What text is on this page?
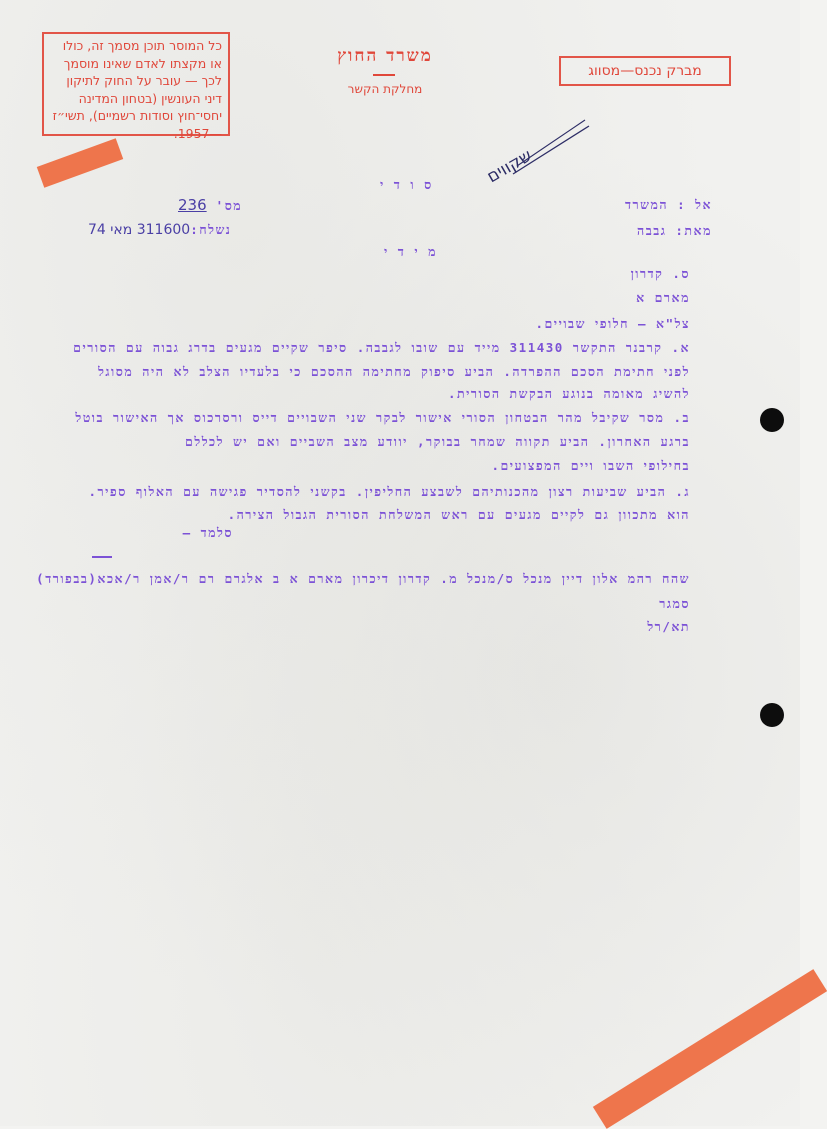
כל המוסר תוכן מסמך זה, כולו או מקצתו לאדם שאינו מוסמך לכך — עובר על החוק לתיקון דיני העונשין (בטחון המדינה יחסי־חוץ וסודות רשמיים), תשי״ז—1957.
משרד החוץ
מחלקת הקשר
מברק נכנס—מסווג
שקווים
ס ו ד י
אל : המשרד
מאת: גבבה
מס' 236
נשלח:311600 מאי 74
מ י ד י
ס. קדרון
מארם א
צל"א — חלופי שבויים.
א. קרבנר התקשר 311430 מייד עם שובו לגבבה. סיפר שקיים מגעים בדרג גבוה עם הסורים
לפני חתימת הסכם ההפרדה. הביע סיפוק מחתימה ההסכם כי בלעדיו הצלב לא היה מסוגל
להשיג מאומה בנוגע הבקשת הסורית.
ב. מסר שקיבל מהר הבטחון הסורי אישור לבקר שני השבויים דייס ורסרכוס אך האישור בוטל
ברגע האחרון. הביע תקווה שמחר בבוקר, יוודע מצב השביים ואם יש לכללם
בחילופי השבו ויים המפצועים.
ג. הביע שביעות רצון מהכנותיהם לשבצע החליפין. בקשני להסדיר פגישה עם האלוף ספיר.
הוא מתכוון גם לקיים מגעים עם ראש המשלחת הסורית הגבול הצירה.
סלמד —
שהח רהמ אלון דיין מנכל ס/מנכל מ. קדרון דיכרון מארם א ב אלגרם רם ר/אמן ר/אכא(בבפורד)
סמגר
תא/רל
